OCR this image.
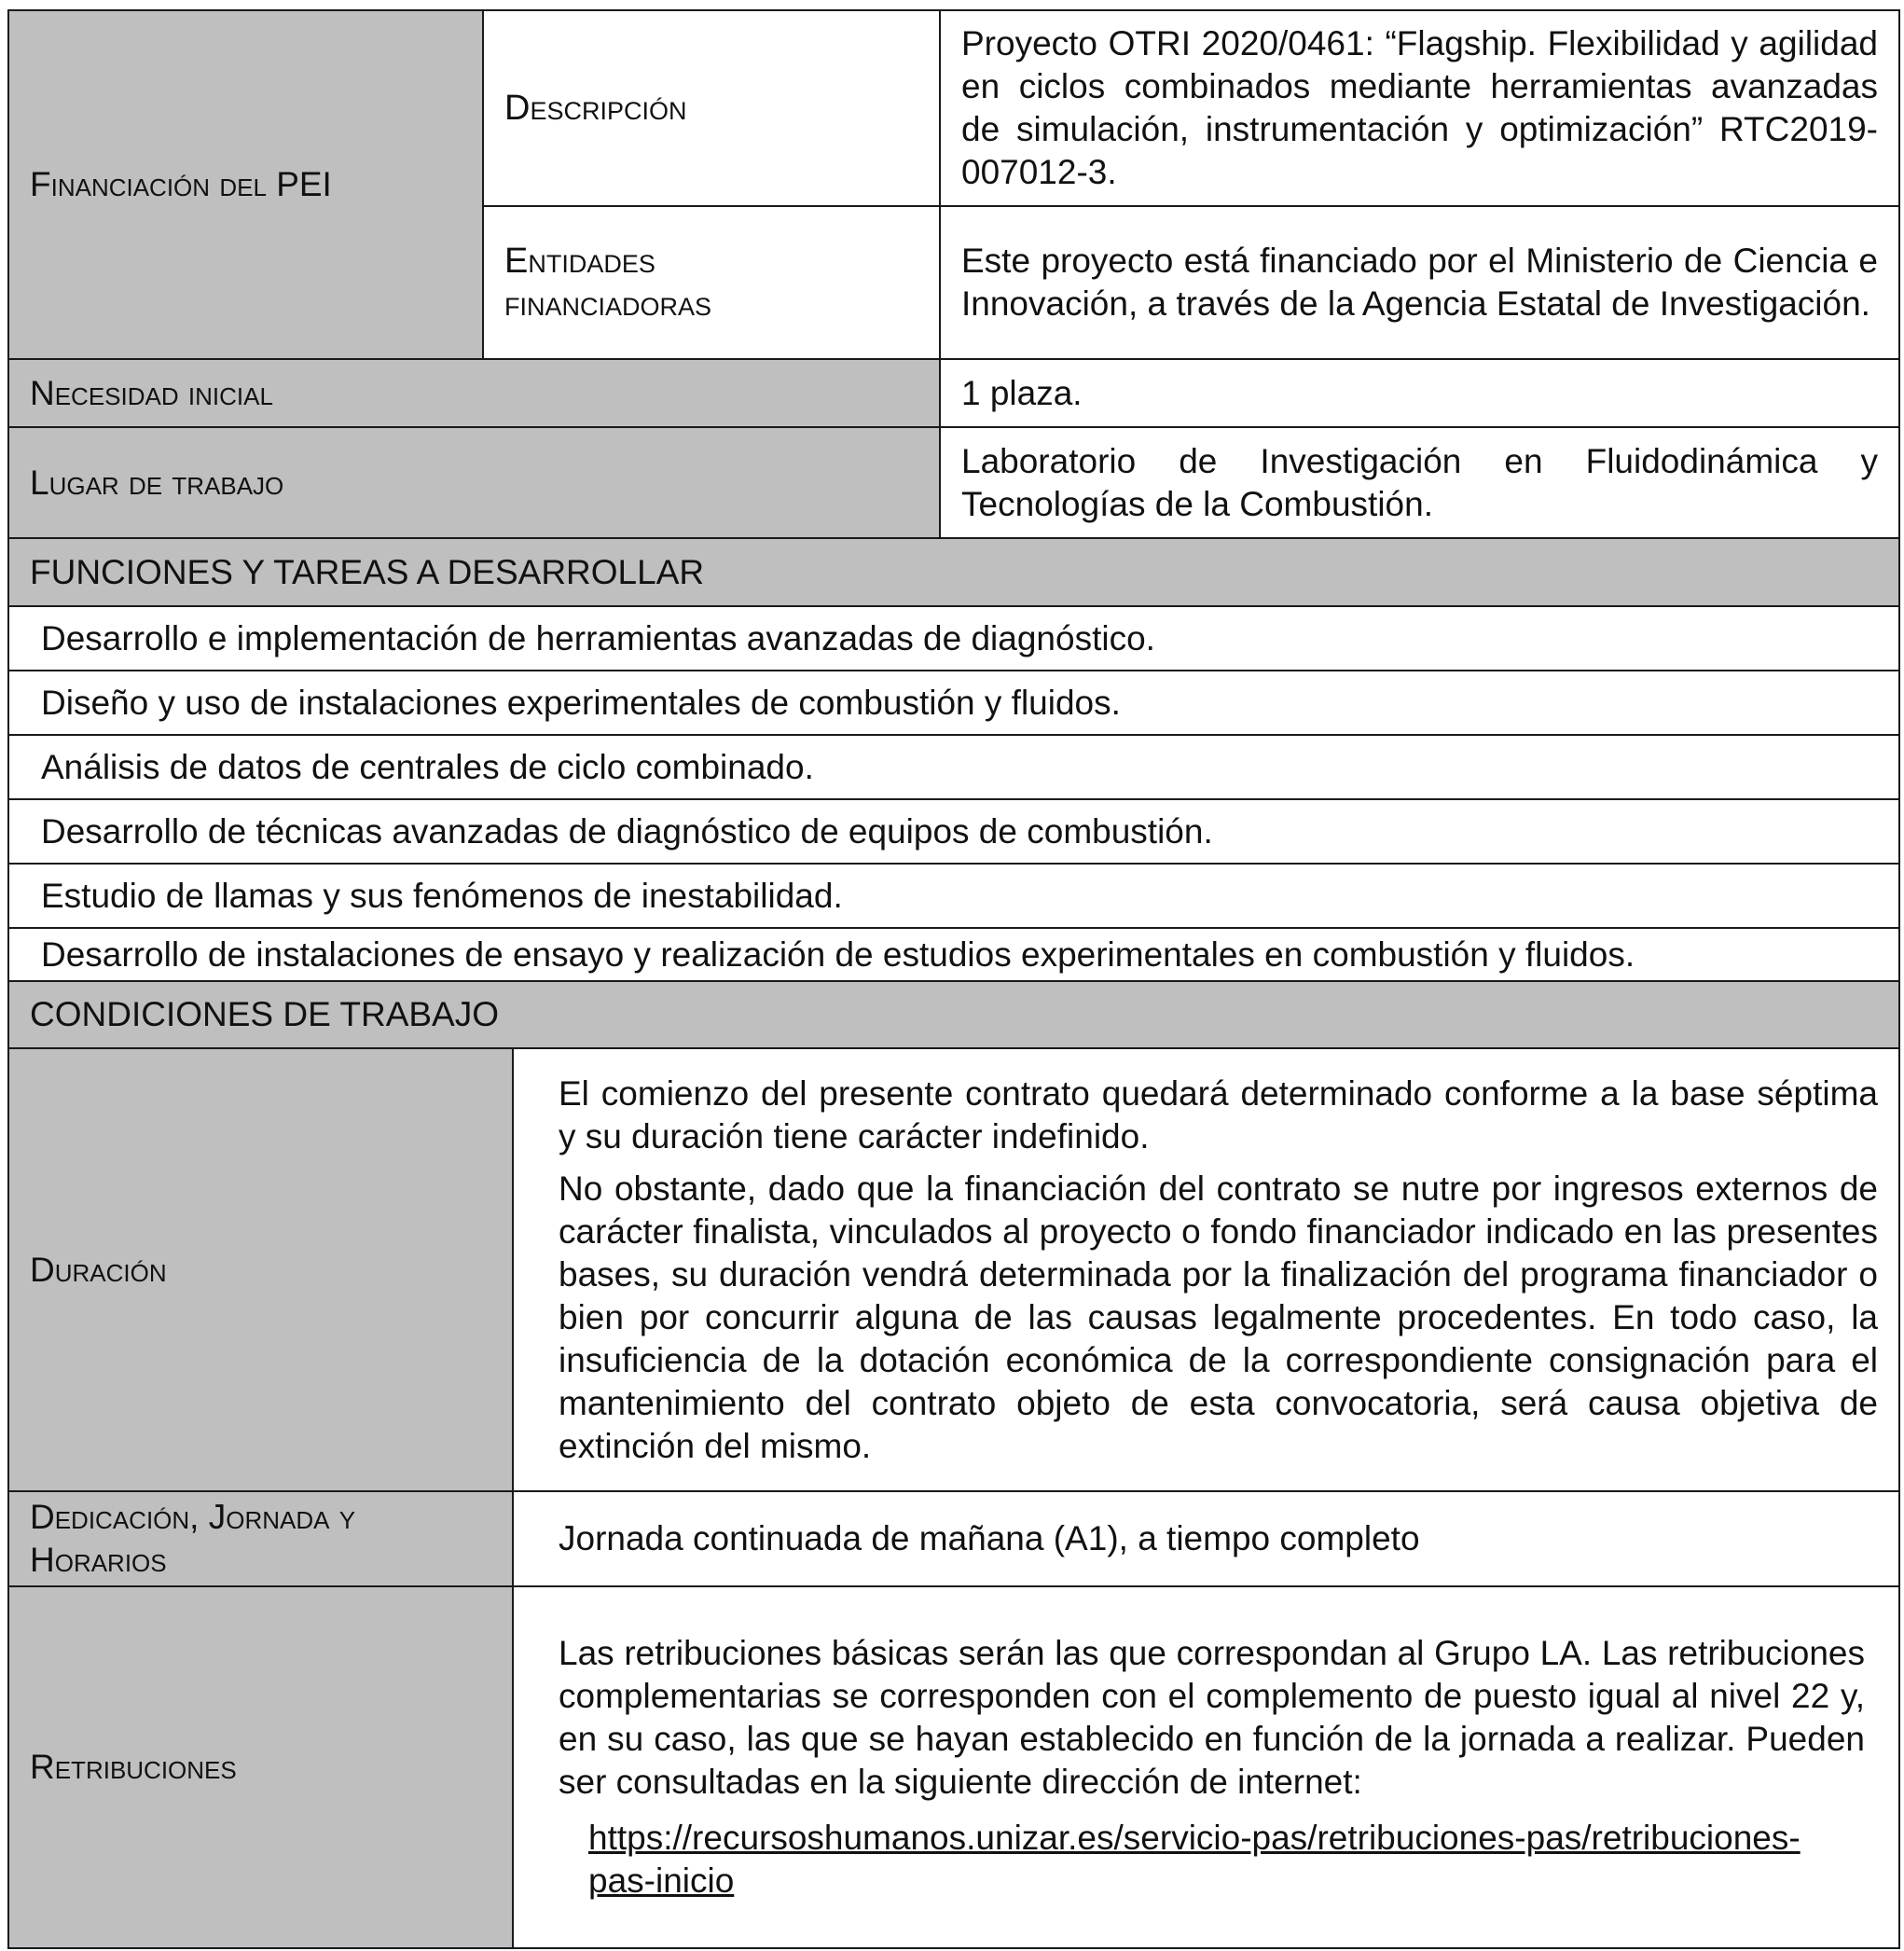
Financiación del PEI	Descripción		Proyecto OTRI 2020/0461: “Flagship. Flexibilidad y agilidad en ciclos combinados mediante herramientas avanzadas de simulación, instrumentación y optimización” RTC2019-007012-3.

	Entidades
financiadoras		Este proyecto está financiado por el Ministerio de Ciencia e Innovación, a través de la Agencia Estatal de Investigación.
Necesidad inicial			1 plaza.
Lugar de trabajo			Laboratorio de Investigación en Fluidodinámica y Tecnologías de la Combustión.
FUNCIONES Y TAREAS A DESARROLLAR			
Desarrollo e implementación de herramientas avanzadas de diagnóstico.			
Diseño y uso de instalaciones experimentales de combustión y fluidos.			
Análisis de datos de centrales de ciclo combinado.			
Desarrollo de técnicas avanzadas de diagnóstico de equipos de combustión.			
Estudio de llamas y sus fenómenos de inestabilidad.			
Desarrollo de instalaciones de ensayo y realización de estudios experimentales en combustión y fluidos.			
CONDICIONES DE TRABAJO			
Duración		El comienzo del presente contrato quedará determinado conforme a la base séptima y su duración tiene carácter indefinido.

No obstante, dado que la financiación del contrato se nutre por ingresos externos de carácter finalista, vinculados al proyecto o fondo financiador indicado en las presentes bases, su duración vendrá determinada por la finalización del programa financiador o bien por concurrir alguna de las causas legalmente procedentes. En todo caso, la insuficiencia de la dotación económica de la correspondiente consignación para el mantenimiento del contrato objeto de esta convocatoria, será causa objetiva de extinción del mismo.	

Dedicación, Jornada y
Horarios		Jornada continuada de mañana (A1), a tiempo completo	

Retribuciones		Las retribuciones básicas serán las que correspondan al Grupo LA. Las retribuciones complementarias se corresponden con el complemento de puesto igual al nivel 22 y, en su caso, las que se hayan establecido en función de la jornada a realizar. Pueden ser consultadas en la siguiente dirección de internet:

https://recursoshumanos.unizar.es/servicio-pas/retribuciones-pas/retribuciones-pas-inicio	
